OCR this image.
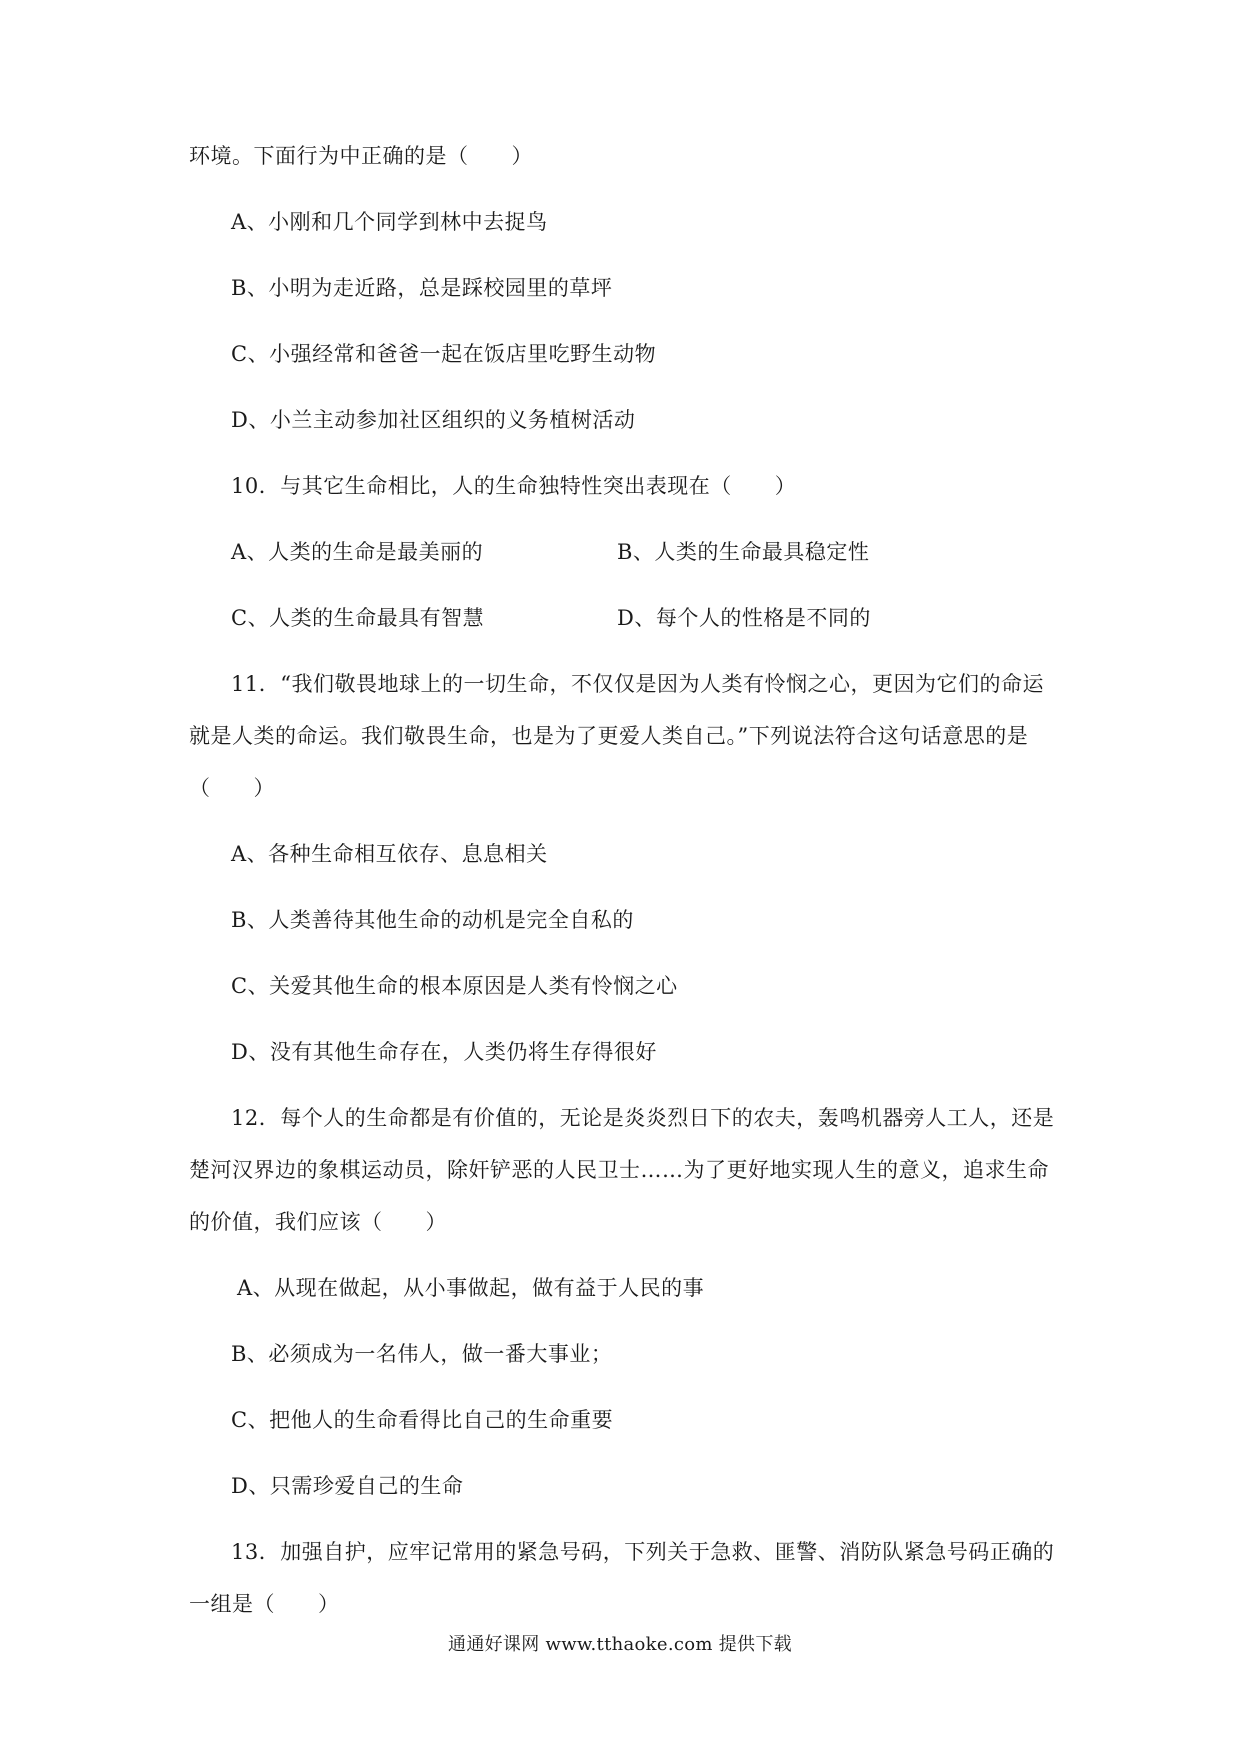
环境。下面行为中正确的是（　　）
A、小刚和几个同学到林中去捉鸟
B、小明为走近路，总是踩校园里的草坪
C、小强经常和爸爸一起在饭店里吃野生动物
D、小兰主动参加社区组织的义务植树活动
10．与其它生命相比，人的生命独特性突出表现在（　　）
A、人类的生命是最美丽的	B、人类的生命最具稳定性
C、人类的生命最具有智慧	D、每个人的性格是不同的
11．“我们敬畏地球上的一切生命，不仅仅是因为人类有怜悯之心，更因为它们的命运
就是人类的命运。我们敬畏生命，也是为了更爱人类自己。”下列说法符合这句话意思的是
（　　）
A、各种生命相互依存、息息相关
B、人类善待其他生命的动机是完全自私的
C、关爱其他生命的根本原因是人类有怜悯之心
D、没有其他生命存在，人类仍将生存得很好
12．每个人的生命都是有价值的，无论是炎炎烈日下的农夫，轰鸣机器旁人工人，还是
楚河汉界边的象棋运动员，除奸铲恶的人民卫士……为了更好地实现人生的意义，追求生命
的价值，我们应该（　　）
A、从现在做起，从小事做起，做有益于人民的事
B、必须成为一名伟人，做一番大事业；
C、把他人的生命看得比自己的生命重要
D、只需珍爱自己的生命
13．加强自护，应牢记常用的紧急号码，下列关于急救、匪警、消防队紧急号码正确的
一组是（　　）
通通好课网 www.tthaoke.com 提供下载
